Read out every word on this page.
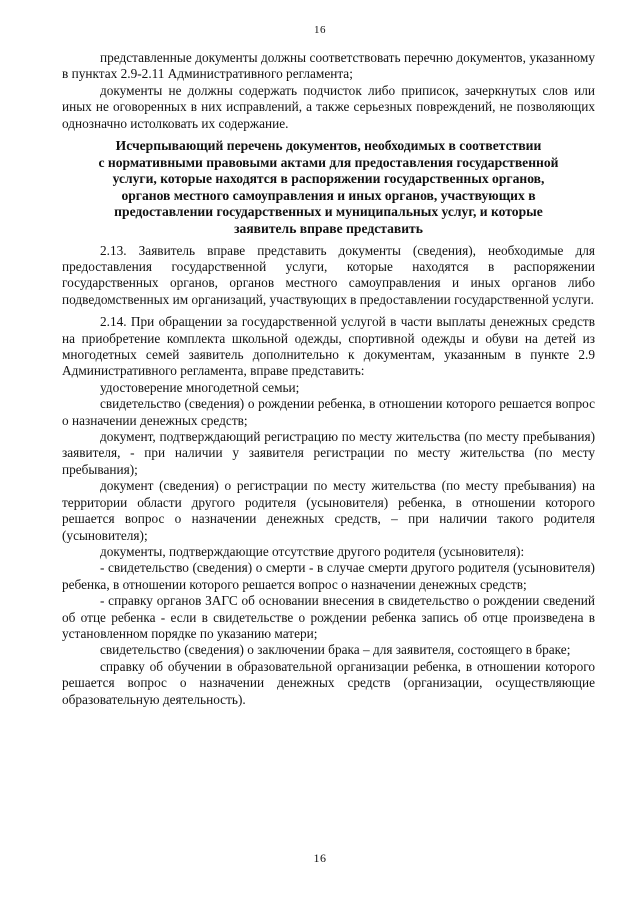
16

представленные документы должны соответствовать перечню документов, указанному в пунктах 2.9-2.11 Административного регламента;

документы не должны содержать подчисток либо приписок, зачеркнутых слов или иных не оговоренных в них исправлений, а также серьезных повреждений, не позволяющих однозначно истолковать их содержание.

Исчерпывающий перечень документов, необходимых в соответствии
с нормативными правовыми актами для предоставления государственной
услуги, которые находятся в распоряжении государственных органов,
органов местного самоуправления и иных органов, участвующих в
предоставлении государственных и муниципальных услуг, и которые
заявитель вправе представить

2.13. Заявитель вправе представить документы (сведения), необходимые для предоставления государственной услуги, которые находятся в распоряжении государственных органов, органов местного самоуправления и иных органов либо подведомственных им организаций, участвующих в предоставлении государственной услуги.

2.14. При обращении за государственной услугой в части выплаты денежных средств на приобретение комплекта школьной одежды, спортивной одежды и обуви на детей из многодетных семей заявитель дополнительно к документам, указанным в пункте 2.9 Административного регламента, вправе представить:

удостоверение многодетной семьи;

свидетельство (сведения) о рождении ребенка, в отношении которого решается вопрос о назначении денежных средств;

документ, подтверждающий регистрацию по месту жительства (по месту пребывания) заявителя, - при наличии у заявителя регистрации по месту жительства (по месту пребывания);

документ (сведения) о регистрации по месту жительства (по месту пребывания) на территории области другого родителя (усыновителя) ребенка, в отношении которого решается вопрос о назначении денежных средств, – при наличии такого родителя (усыновителя);

документы, подтверждающие отсутствие другого родителя (усыновителя):

- свидетельство (сведения) о смерти - в случае смерти другого родителя (усыновителя) ребенка, в отношении которого решается вопрос о назначении денежных средств;

- справку органов ЗАГС об основании внесения в свидетельство о рождении сведений об отце ребенка - если в свидетельстве о рождении ребенка запись об отце произведена в установленном порядке по указанию матери;

свидетельство (сведения) о заключении брака – для заявителя, состоящего в браке;

справку об обучении в образовательной организации ребенка, в отношении которого решается вопрос о назначении денежных средств (организации, осуществляющие образовательную деятельность).

16
